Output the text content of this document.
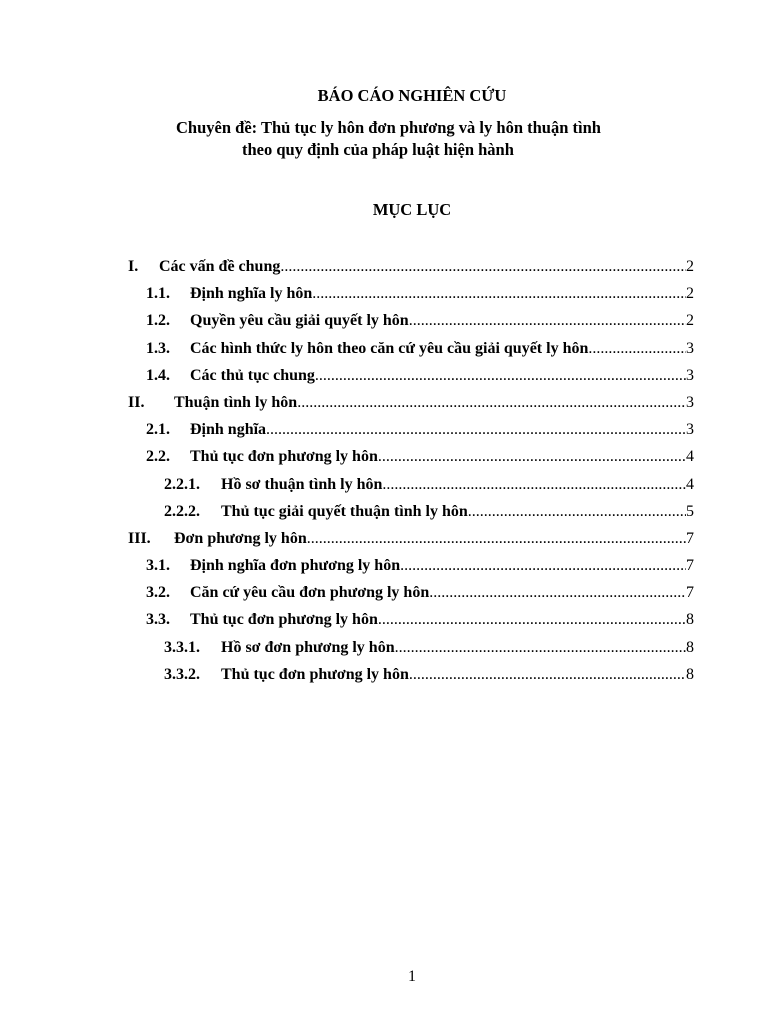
BÁO CÁO NGHIÊN CỨU
Chuyên đề: Thủ tục ly hôn đơn phương và ly hôn thuận tình
theo quy định của pháp luật hiện hành
MỤC LỤC
I.	Các vấn đề chung .....	2
1.1.	Định nghĩa ly hôn .....	2
1.2.	Quyền yêu cầu giải quyết ly hôn .....	2
1.3.	Các hình thức ly hôn theo căn cứ yêu cầu giải quyết ly hôn .....	3
1.4.	Các thủ tục chung .....	3
II.	Thuận tình ly hôn .....	3
2.1.	Định nghĩa .....	3
2.2.	Thủ tục đơn phương ly hôn .....	4
2.2.1.	Hồ sơ thuận tình ly hôn .....	4
2.2.2.	Thủ tục giải quyết thuận tình ly hôn .....	5
III.	Đơn phương ly hôn .....	7
3.1.	Định nghĩa đơn phương ly hôn .....	7
3.2.	Căn cứ yêu cầu đơn phương ly hôn .....	7
3.3.	Thủ tục đơn phương ly hôn .....	8
3.3.1.	Hồ sơ đơn phương ly hôn .....	8
3.3.2.	Thủ tục đơn phương ly hôn .....	8
1
